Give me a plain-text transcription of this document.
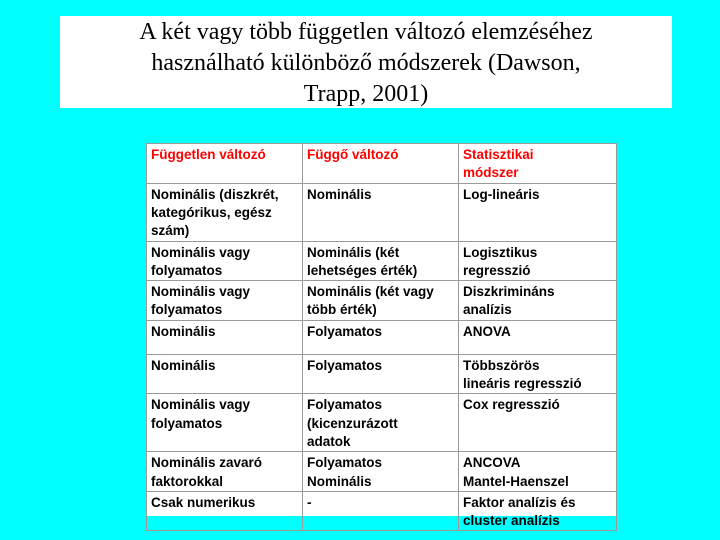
A két vagy több független változó elemzéséhez
használható különböző módszerek (Dawson,
Trapp, 2001)
Független változó	Függő változó	Statisztikai
módszer

Nominális (diszkrét,
kategórikus, egész
szám)	Nominális	Log-lineáris

Nominális vagy
folyamatos	Nominális (két
lehetséges érték)	Logisztikus
regresszió

Nominális vagy
folyamatos	Nominális (két vagy
több érték)	Diszkrimináns
analízis

Nominális	Folyamatos	ANOVA

Nominális	Folyamatos	Többszörös
lineáris regresszió

Nominális vagy
folyamatos	Folyamatos
(kicenzurázott
adatok	Cox regresszió

Nominális zavaró
faktorokkal	Folyamatos
Nominális	ANCOVA
Mantel-Haenszel

Csak numerikus	-	Faktor analízis és
cluster analízis
